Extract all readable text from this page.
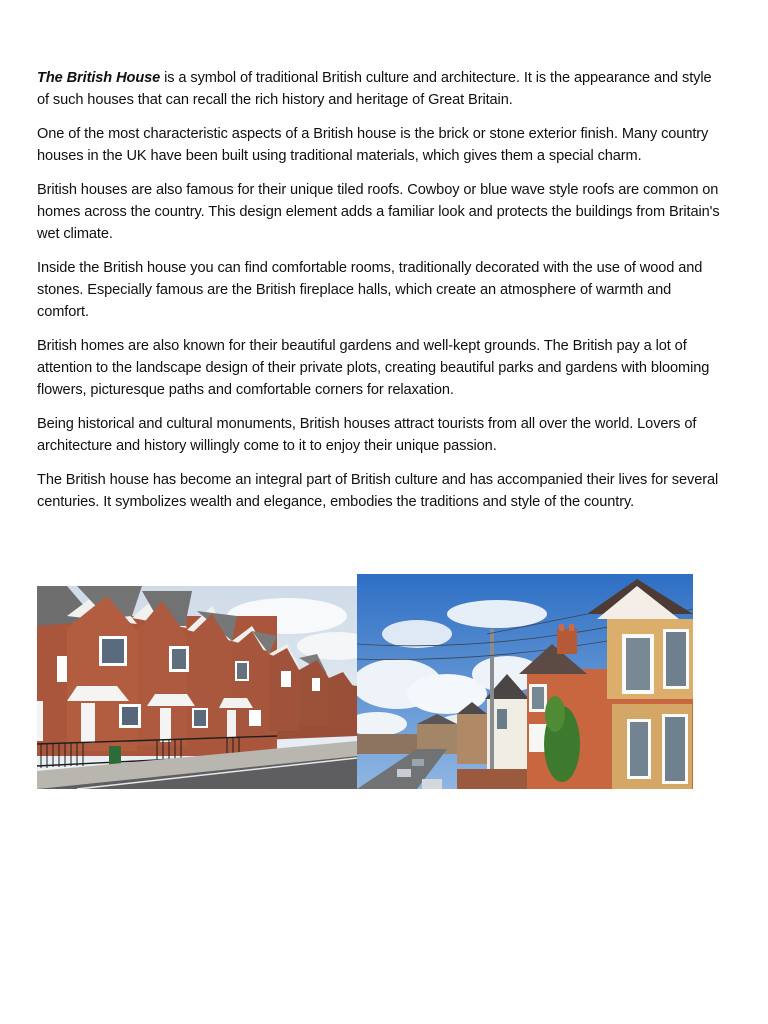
The British House is a symbol of traditional British culture and architecture. It is the appearance and style of such houses that can recall the rich history and heritage of Great Britain.

One of the most characteristic aspects of a British house is the brick or stone exterior finish. Many country houses in the UK have been built using traditional materials, which gives them a special charm.

British houses are also famous for their unique tiled roofs. Cowboy or blue wave style roofs are common on homes across the country. This design element adds a familiar look and protects the buildings from Britain's wet climate.

Inside the British house you can find comfortable rooms, traditionally decorated with the use of wood and stones. Especially famous are the British fireplace halls, which create an atmosphere of warmth and comfort.

British homes are also known for their beautiful gardens and well-kept grounds. The British pay a lot of attention to the landscape design of their private plots, creating beautiful parks and gardens with blooming flowers, picturesque paths and comfortable corners for relaxation.

Being historical and cultural monuments, British houses attract tourists from all over the world. Lovers of architecture and history willingly come to it to enjoy their unique passion.

The British house has become an integral part of British culture and has accompanied their lives for several centuries. It symbolizes wealth and elegance, embodies the traditions and style of the country.
